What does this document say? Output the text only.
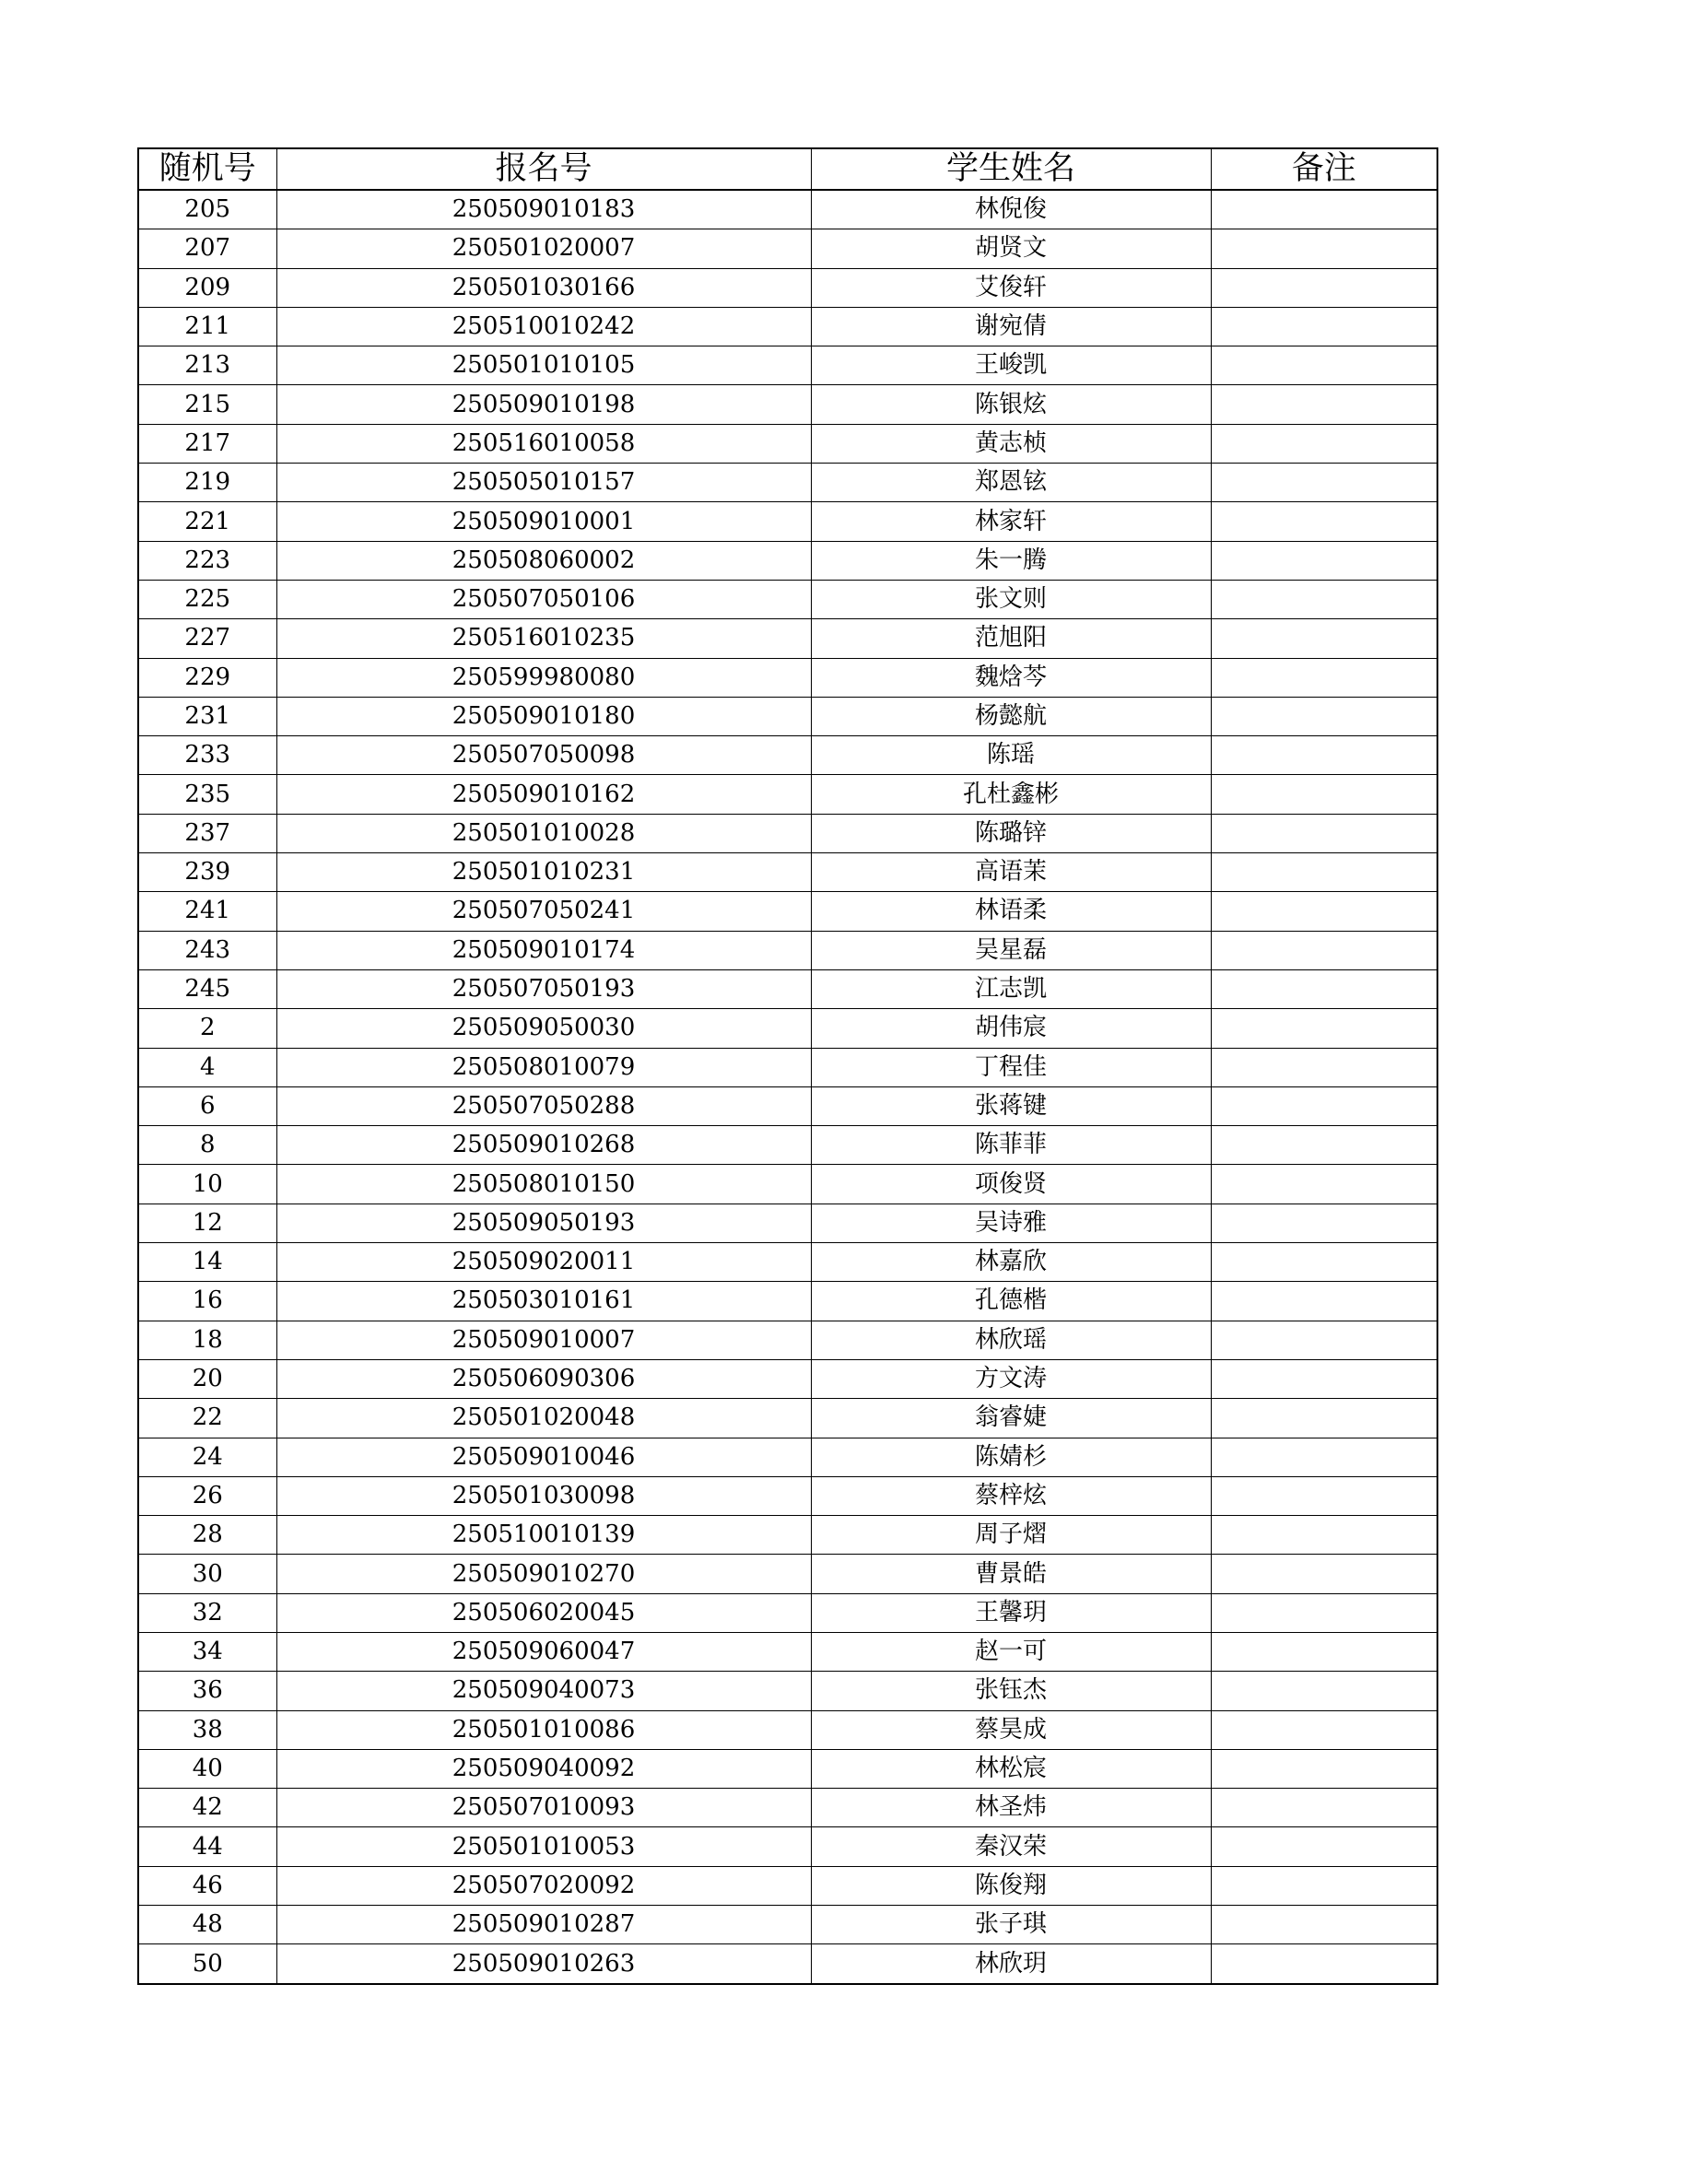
随机号	报名号	学生姓名	备注
205	250509010183	林倪俊	
207	250501020007	胡贤文	
209	250501030166	艾俊轩	
211	250510010242	谢宛倩	
213	250501010105	王峻凯	
215	250509010198	陈银炫	
217	250516010058	黄志桢	
219	250505010157	郑恩铉	
221	250509010001	林家轩	
223	250508060002	朱一腾	
225	250507050106	张文则	
227	250516010235	范旭阳	
229	250599980080	魏焓芩	
231	250509010180	杨懿航	
233	250507050098	陈瑶	
235	250509010162	孔杜鑫彬	
237	250501010028	陈璐锌	
239	250501010231	高语茉	
241	250507050241	林语柔	
243	250509010174	吴星磊	
245	250507050193	江志凯	
2	250509050030	胡伟宸	
4	250508010079	丁程佳	
6	250507050288	张蒋键	
8	250509010268	陈菲菲	
10	250508010150	项俊贤	
12	250509050193	吴诗雅	
14	250509020011	林嘉欣	
16	250503010161	孔德楷	
18	250509010007	林欣瑶	
20	250506090306	方文涛	
22	250501020048	翁睿婕	
24	250509010046	陈婧杉	
26	250501030098	蔡梓炫	
28	250510010139	周子熠	
30	250509010270	曹景皓	
32	250506020045	王馨玥	
34	250509060047	赵一可	
36	250509040073	张钰杰	
38	250501010086	蔡昊成	
40	250509040092	林松宸	
42	250507010093	林圣炜	
44	250501010053	秦汉荣	
46	250507020092	陈俊翔	
48	250509010287	张子琪	
50	250509010263	林欣玥	
